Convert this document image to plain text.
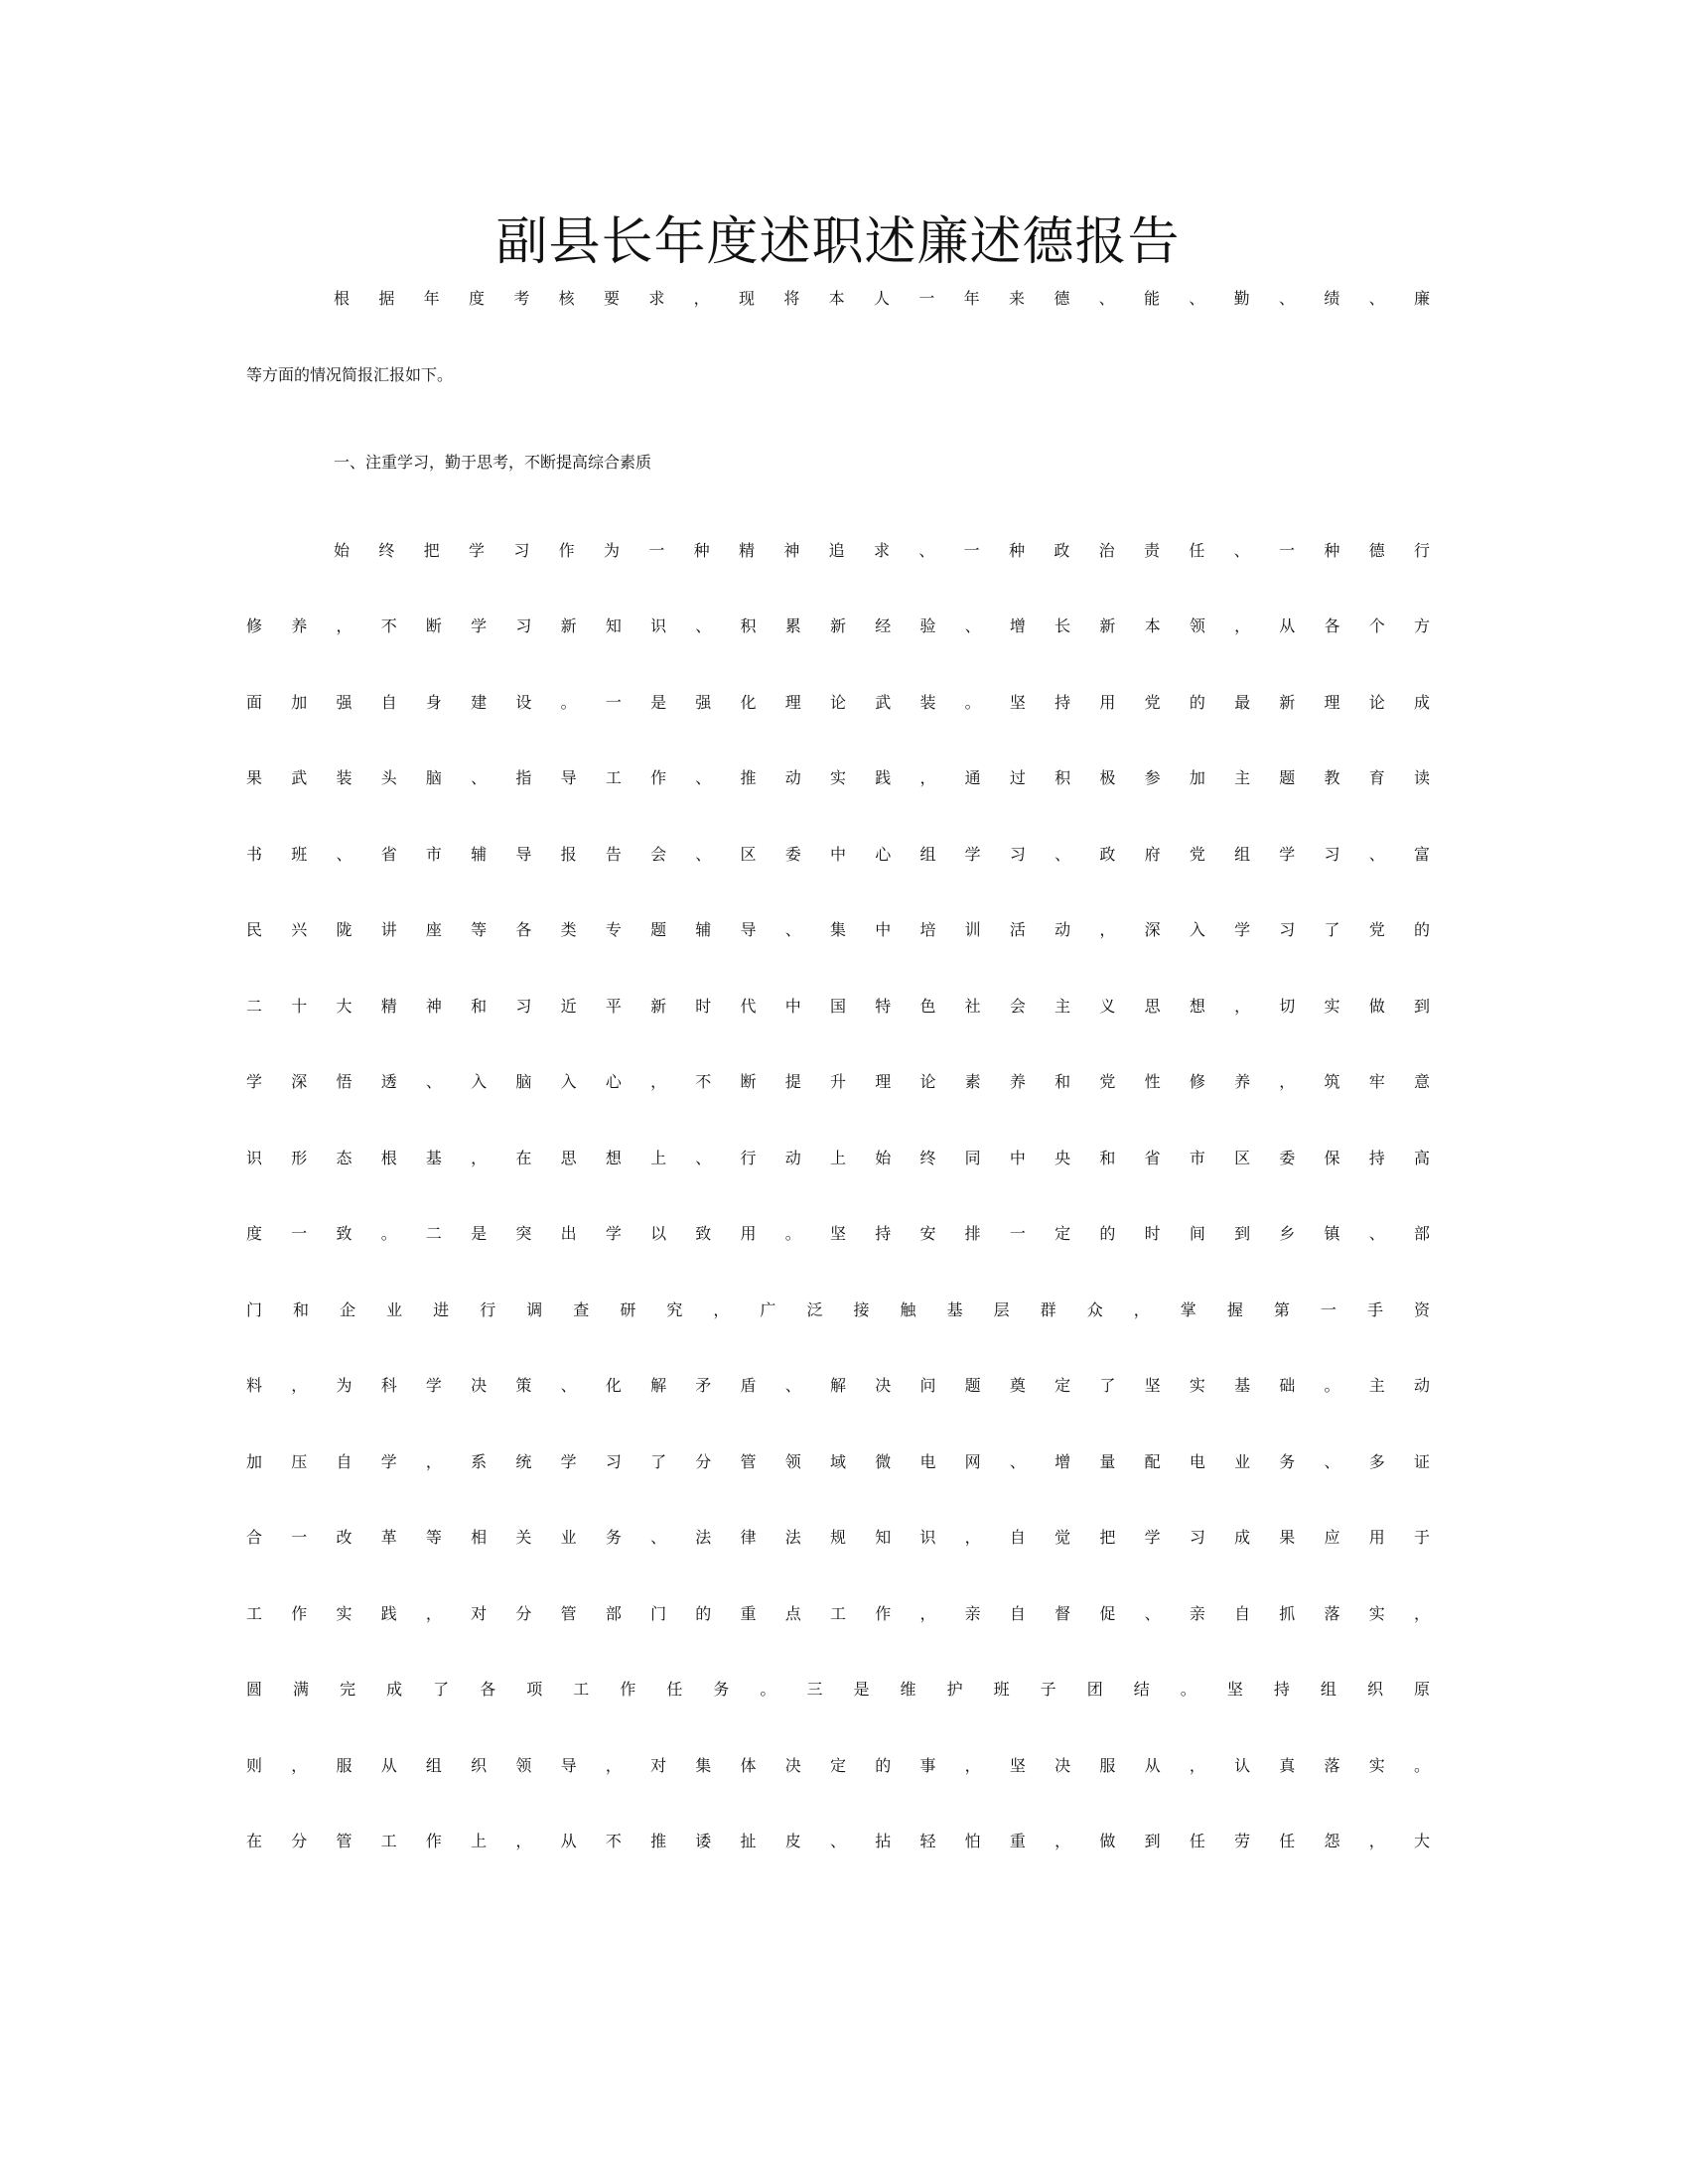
副县长年度述职述廉述德报告
根据年度考核要求，现将本人一年来德、能、勤、绩、廉
等方面的情况简报汇报如下。
一、注重学习，勤于思考，不断提高综合素质
始终把学习作为一种精神追求、一种政治责任、一种德行
修养，不断学习新知识、积累新经验、增长新本领，从各个方
面加强自身建设。一是强化理论武装。坚持用党的最新理论成
果武装头脑、指导工作、推动实践，通过积极参加主题教育读
书班、省市辅导报告会、区委中心组学习、政府党组学习、富
民兴陇讲座等各类专题辅导、集中培训活动，深入学习了党的
二十大精神和习近平新时代中国特色社会主义思想，切实做到
学深悟透、入脑入心，不断提升理论素养和党性修养，筑牢意
识形态根基，在思想上、行动上始终同中央和省市区委保持高
度一致。二是突出学以致用。坚持安排一定的时间到乡镇、部
门和企业进行调查研究，广泛接触基层群众，掌握第一手资
料，为科学决策、化解矛盾、解决问题奠定了坚实基础。主动
加压自学，系统学习了分管领域微电网、增量配电业务、多证
合一改革等相关业务、法律法规知识，自觉把学习成果应用于
工作实践，对分管部门的重点工作，亲自督促、亲自抓落实，
圆满完成了各项工作任务。三是维护班子团结。坚持组织原
则，服从组织领导，对集体决定的事，坚决服从，认真落实。
在分管工作上，从不推诿扯皮、拈轻怕重，做到任劳任怨，大
